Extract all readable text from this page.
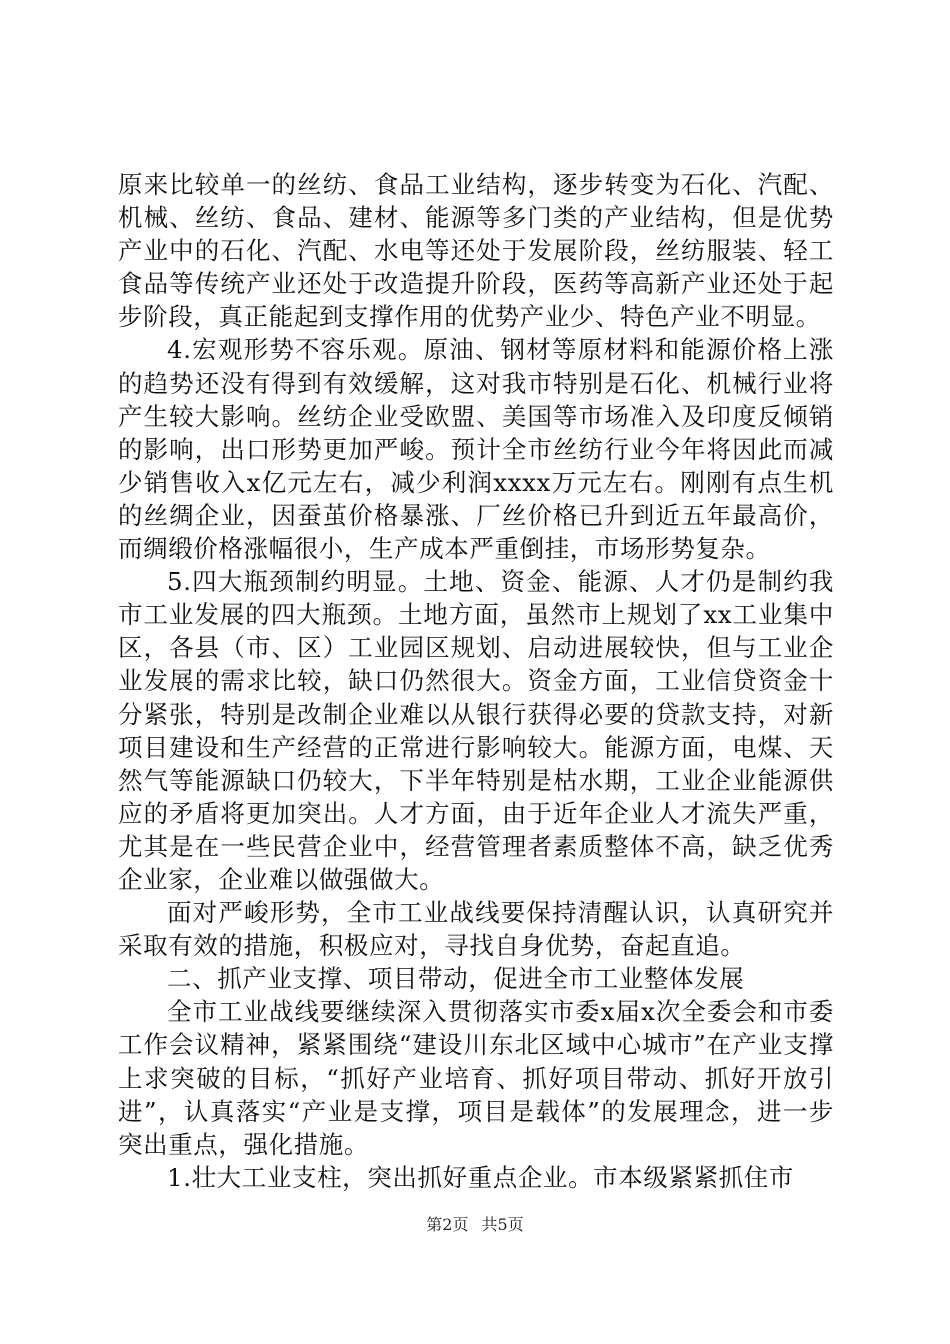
原来比较单一的丝纺、食品工业结构，逐步转变为石化、汽配、机械、丝纺、食品、建材、能源等多门类的产业结构，但是优势产业中的石化、汽配、水电等还处于发展阶段，丝纺服装、轻工食品等传统产业还处于改造提升阶段，医药等高新产业还处于起步阶段，真正能起到支撑作用的优势产业少、特色产业不明显。

4.宏观形势不容乐观。原油、钢材等原材料和能源价格上涨的趋势还没有得到有效缓解，这对我市特别是石化、机械行业将产生较大影响。丝纺企业受欧盟、美国等市场准入及印度反倾销的影响，出口形势更加严峻。预计全市丝纺行业今年将因此而减少销售收入x亿元左右，减少利润xxxx万元左右。刚刚有点生机的丝绸企业，因蚕茧价格暴涨、厂丝价格已升到近五年最高价，而绸缎价格涨幅很小，生产成本严重倒挂，市场形势复杂。

5.四大瓶颈制约明显。土地、资金、能源、人才仍是制约我市工业发展的四大瓶颈。土地方面，虽然市上规划了xx工业集中区，各县（市、区）工业园区规划、启动进展较快，但与工业企业发展的需求比较，缺口仍然很大。资金方面，工业信贷资金十分紧张，特别是改制企业难以从银行获得必要的贷款支持，对新项目建设和生产经营的正常进行影响较大。能源方面，电煤、天然气等能源缺口仍较大，下半年特别是枯水期，工业企业能源供应的矛盾将更加突出。人才方面，由于近年企业人才流失严重，尤其是在一些民营企业中，经营管理者素质整体不高，缺乏优秀企业家，企业难以做强做大。

面对严峻形势，全市工业战线要保持清醒认识，认真研究并采取有效的措施，积极应对，寻找自身优势，奋起直追。

二、抓产业支撑、项目带动，促进全市工业整体发展

全市工业战线要继续深入贯彻落实市委x届x次全委会和市委工作会议精神，紧紧围绕“建设川东北区域中心城市”在产业支撑上求突破的目标，“抓好产业培育、抓好项目带动、抓好开放引进”，认真落实“产业是支撑，项目是载体”的发展理念，进一步突出重点，强化措施。

1.壮大工业支柱，突出抓好重点企业。市本级紧紧抓住市

第2页 共5页
